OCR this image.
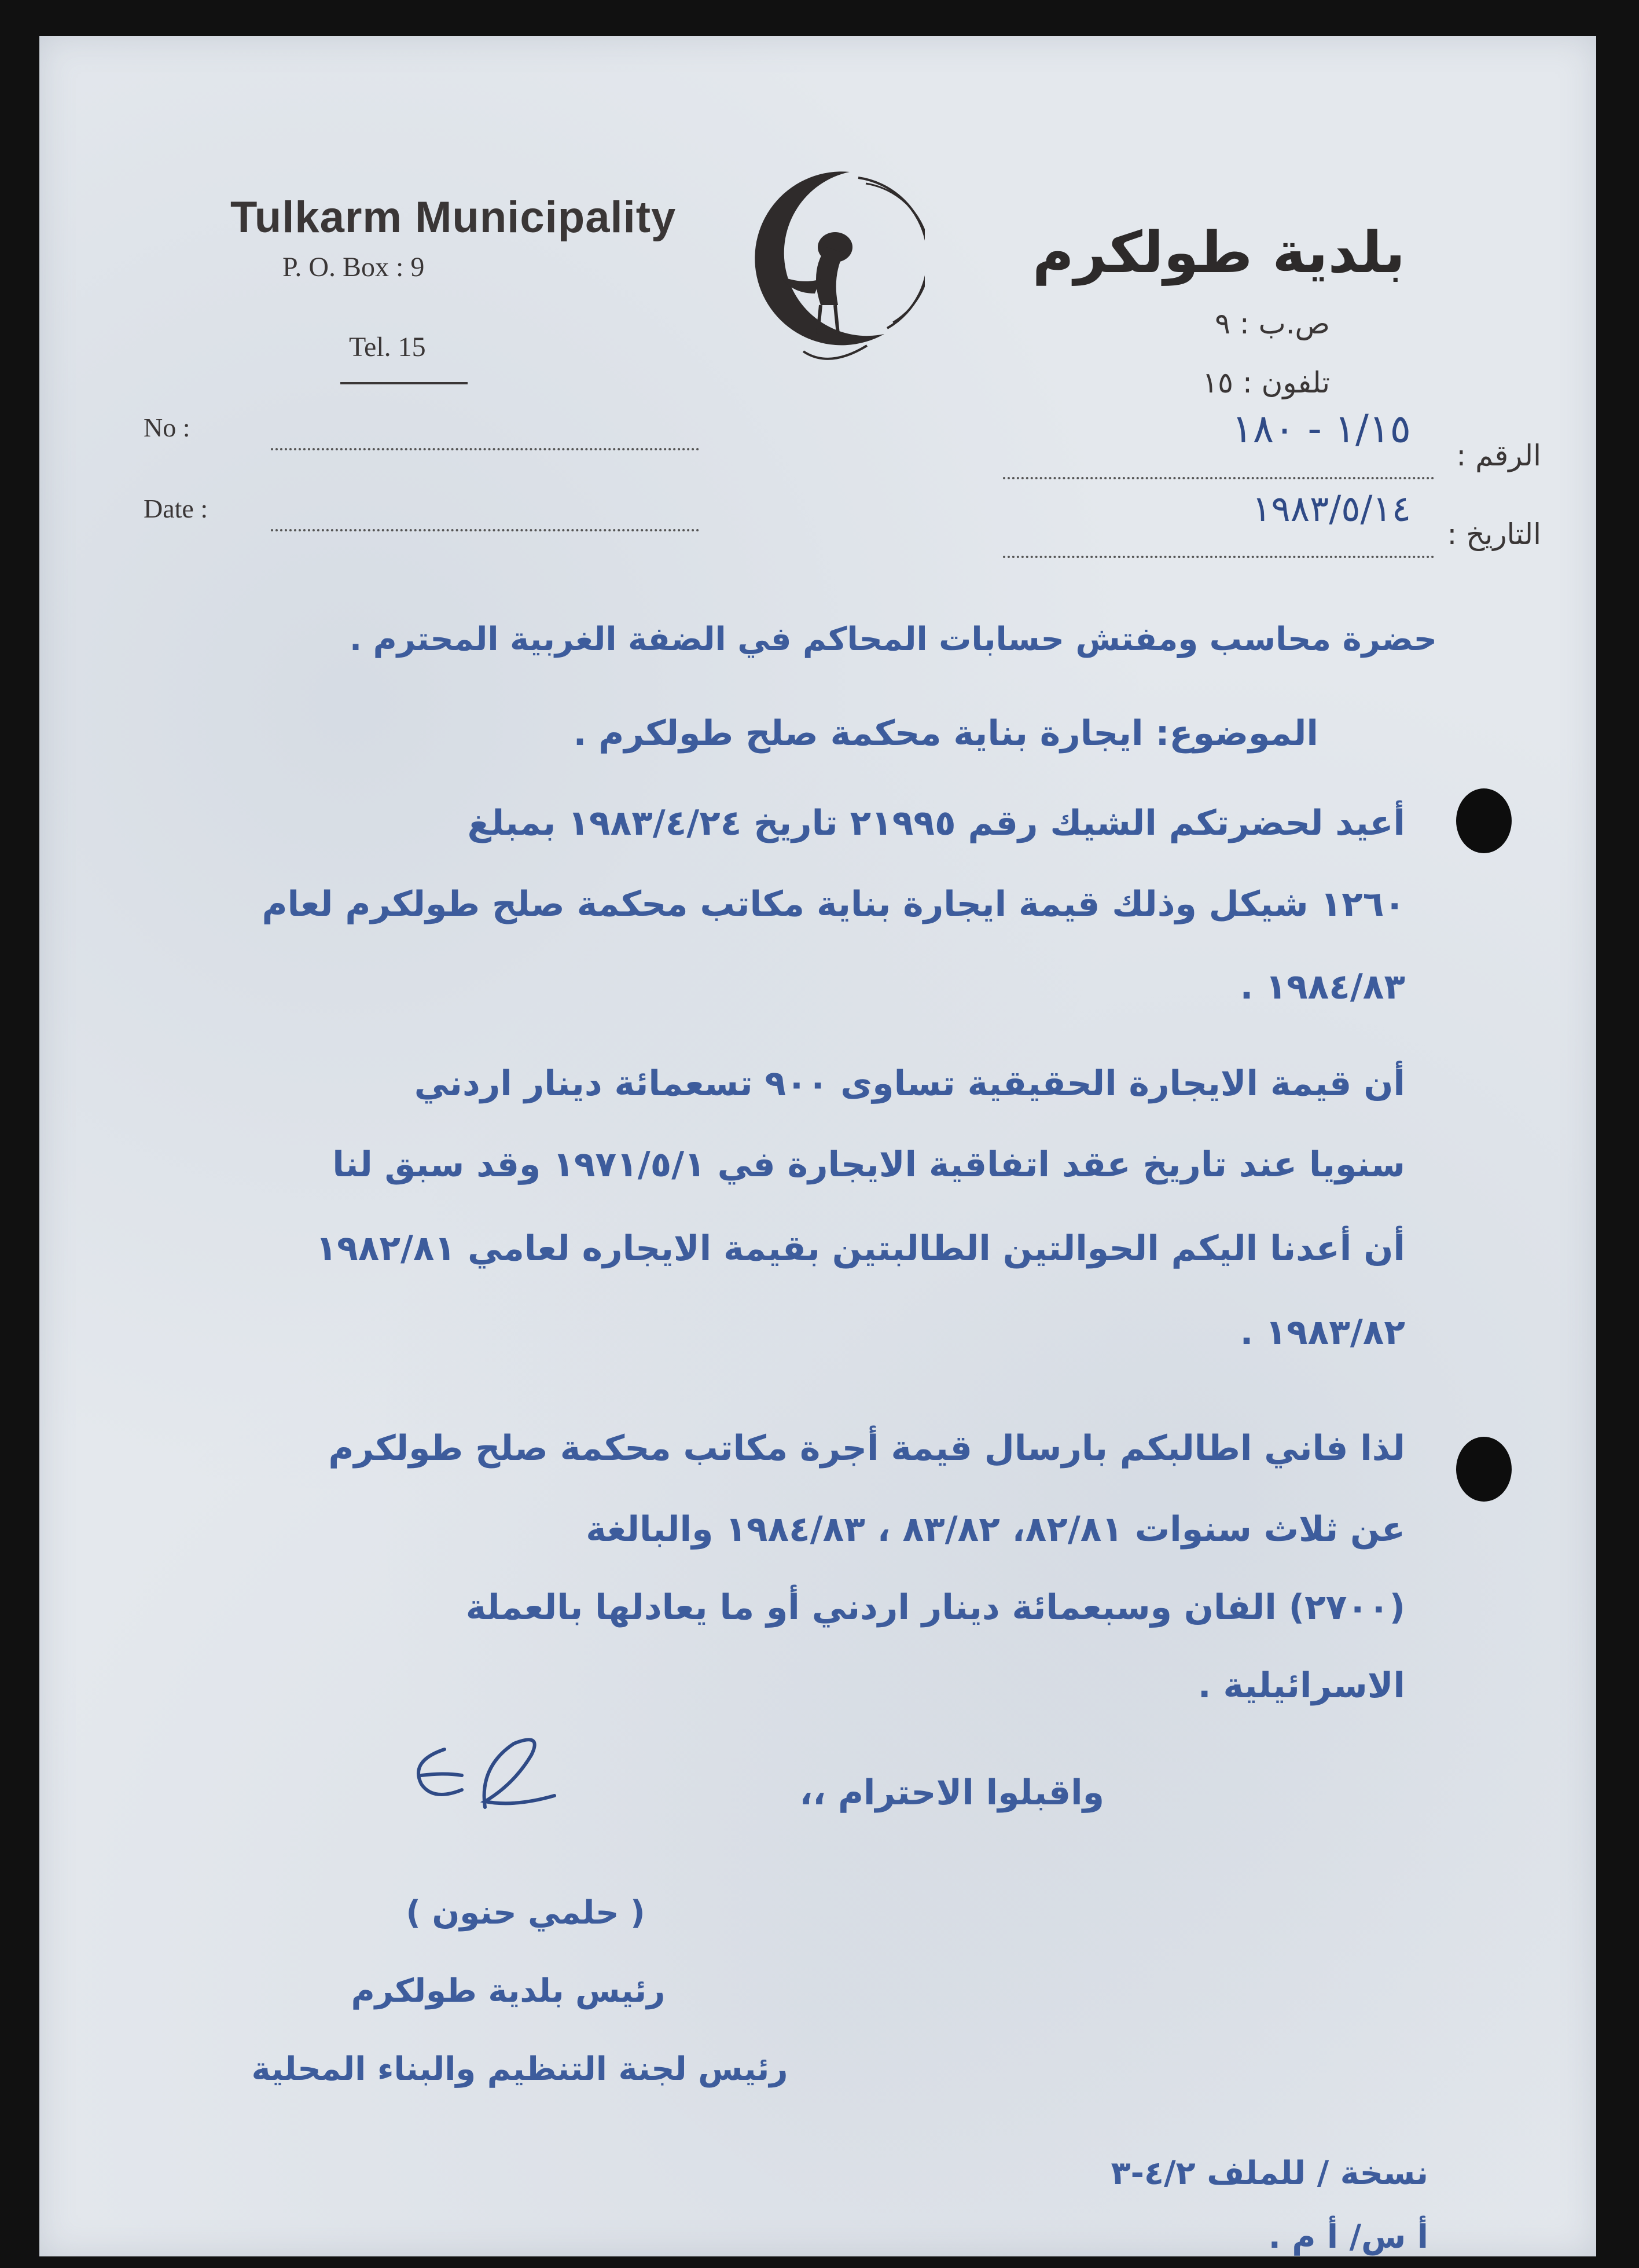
Tulkarm Municipality
P. O. Box : 9
Tel. 15
No :
Date :
بلدية طولكرم
ص.ب : ٩
تلفون : ١٥
الرقم :
التاريخ :
١/١٥ - ١٨٠
١٩٨٣/٥/١٤
حضرة محاسب ومفتش حسابات المحاكم في الضفة الغربية المحترم .
الموضوع: ايجارة بناية محكمة صلح طولكرم .
أعيد لحضرتكم الشيك رقم ٢١٩٩٥ تاريخ ١٩٨٣/٤/٢٤ بمبلغ
١٢٦٠ شيكل وذلك قيمة ايجارة بناية مكاتب محكمة صلح طولكرم لعام
١٩٨٤/٨٣ .
أن قيمة الايجارة الحقيقية تساوى ٩٠٠ تسعمائة دينار اردني
سنويا عند تاريخ عقد اتفاقية الايجارة في ١٩٧١/٥/١ وقد سبق لنا
أن أعدنا اليكم الحوالتين الطالبتين بقيمة الايجاره لعامي ١٩٨٢/٨١
١٩٨٣/٨٢ .
لذا فاني اطالبكم بارسال قيمة أجرة مكاتب محكمة صلح طولكرم
عن ثلاث سنوات ٨٢/٨١، ٨٣/٨٢ ، ١٩٨٤/٨٣ والبالغة
(٢٧٠٠) الفان وسبعمائة دينار اردني أو ما يعادلها بالعملة
الاسرائيلية .
واقبلوا الاحترام ،،
( حلمي حنون )
رئيس بلدية طولكرم
رئيس لجنة التنظيم والبناء المحلية
نسخة / للملف ٤/٢-٣
أ س/ أ م .
